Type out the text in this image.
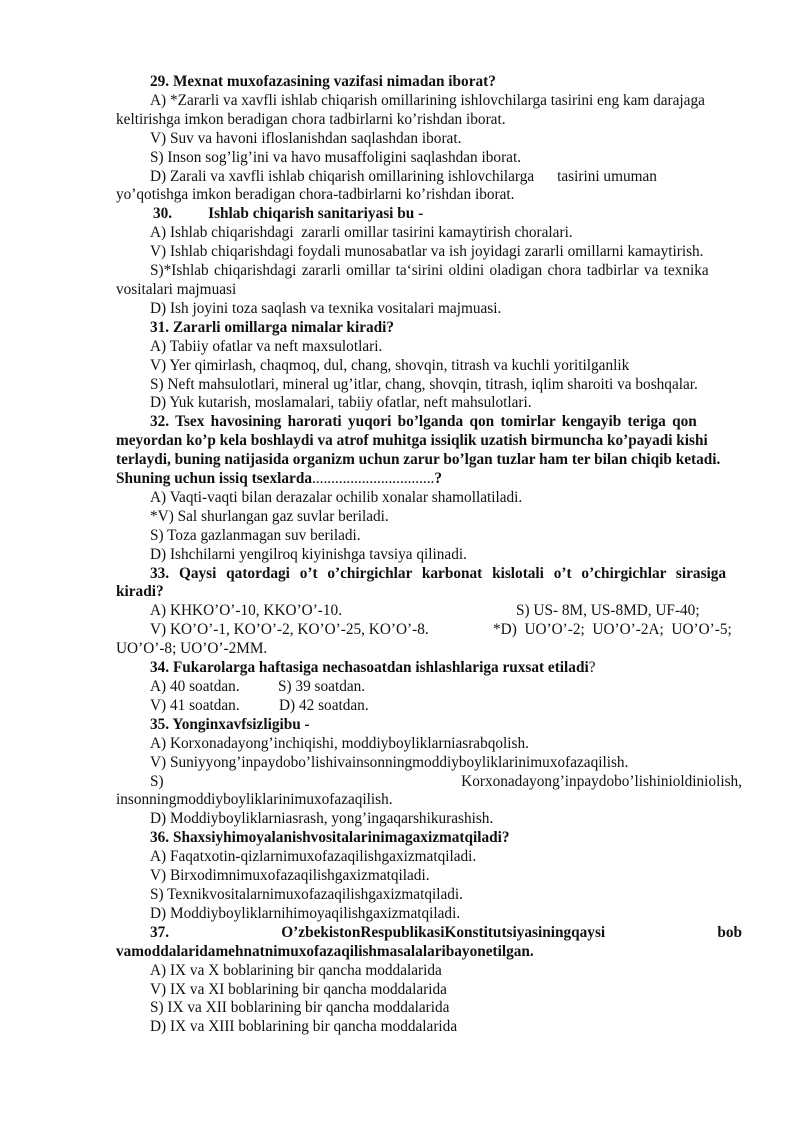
29. Mexnat muxofazasining vazifasi nimadan iborat?
A) *Zararli va xavfli ishlab chiqarish omillarining ishlovchilarga tasirini eng kam darajaga
keltirishga imkon beradigan chora tadbirlarni ko’rishdan iborat.
V) Suv va havoni ifloslanishdan saqlashdan iborat.
S) Inson sog’lig’ini va havo musaffoligini saqlashdan iborat.
D) Zarali va xavfli ishlab chiqarish omillarining ishlovchilarga      tasirini umuman
yo’qotishga imkon beradigan chora-tadbirlarni ko’rishdan iborat.
30. Ishlab chiqarish sanitariyasi bu -
A) Ishlab chiqarishdagi  zararli omillar tasirini kamaytirish choralari.
V) Ishlab chiqarishdagi foydali munosabatlar va ish joyidagi zararli omillarni kamaytirish.
S)*Ishlab chiqarishdagi zararli omillar ta‘sirini oldini oladigan chora tadbirlar va texnika
vositalari majmuasi
D) Ish joyini toza saqlash va texnika vositalari majmuasi.
31. Zararli omillarga nimalar kiradi?
A) Tabiiy ofatlar va neft maxsulotlari.
V) Yer qimirlash, chaqmoq, dul, chang, shovqin, titrash va kuchli yoritilganlik
S) Neft mahsulotlari, mineral ug’itlar, chang, shovqin, titrash, iqlim sharoiti va boshqalar.
D) Yuk kutarish, moslamalari, tabiiy ofatlar, neft mahsulotlari.
32. Tsex havosining harorati yuqori bo’lganda qon tomirlar kengayib teriga qon
meyordan ko’p kela boshlaydi va atrof muhitga issiqlik uzatish birmuncha ko’payadi kishi
terlaydi, buning natijasida organizm uchun zarur bo’lgan tuzlar ham ter bilan chiqib ketadi.
Shuning uchun issiq tsexlarda................................?
A) Vaqti-vaqti bilan derazalar ochilib xonalar shamollatiladi.
*V) Sal shurlangan gaz suvlar beriladi.
S) Toza gazlanmagan suv beriladi.
D) Ishchilarni yengilroq kiyinishga tavsiya qilinadi.
33. Qaysi qatordagi o’t o’chirgichlar karbonat kislotali o’t o’chirgichlar sirasiga
kiradi?
A) KHKO’O’-10, KKO’O’-10.	S) US- 8M, US-8MD, UF-40;
V) KO’O’-1, KO’O’-2, KO’O’-25, KO’O’-8.	*D)  UO’O’-2;  UO’O’-2A;  UO’O’-5;
UO’O’-8; UO’O’-2MM.
34. Fukarolarga haftasiga nechasoatdan ishlashlariga ruxsat etiladi?
A) 40 soatdan.	S) 39 soatdan.
V) 41 soatdan.	D) 42 soatdan.
35. Yonginxavfsizligibu -
A) Korxonadayong’inchiqishi, moddiyboyliklarniasrabqolish.
V) Suniyyong’inpaydobo’lishivainsonningmoddiyboyliklarinimuxofazaqilish.
S)	Korxonadayong’inpaydobo’lishinioldiniolish,
insonningmoddiyboyliklarinimuxofazaqilish.
D) Moddiyboyliklarniasrash, yong’ingaqarshikurashish.
36. Shaxsiyhimoyalanishvositalarinimagaxizmatqiladi?
A) Faqatxotin-qizlarnimuxofazaqilishgaxizmatqiladi.
V) Birxodimnimuxofazaqilishgaxizmatqiladi.
S) Texnikvositalarnimuxofazaqilishgaxizmatqiladi.
D) Moddiyboyliklarnihimoyaqilishgaxizmatqiladi.
37.	O’zbekistonRespublikasiKonstitutsiyasiningqaysi	bob
vamoddalaridamehnatnimuxofazaqilishmasalalaribayonetilgan.
A) IX va X boblarining bir qancha moddalarida
V) IX va XI boblarining bir qancha moddalarida
S) IX va XII boblarining bir qancha moddalarida
D) IX va XIII boblarining bir qancha moddalarida
